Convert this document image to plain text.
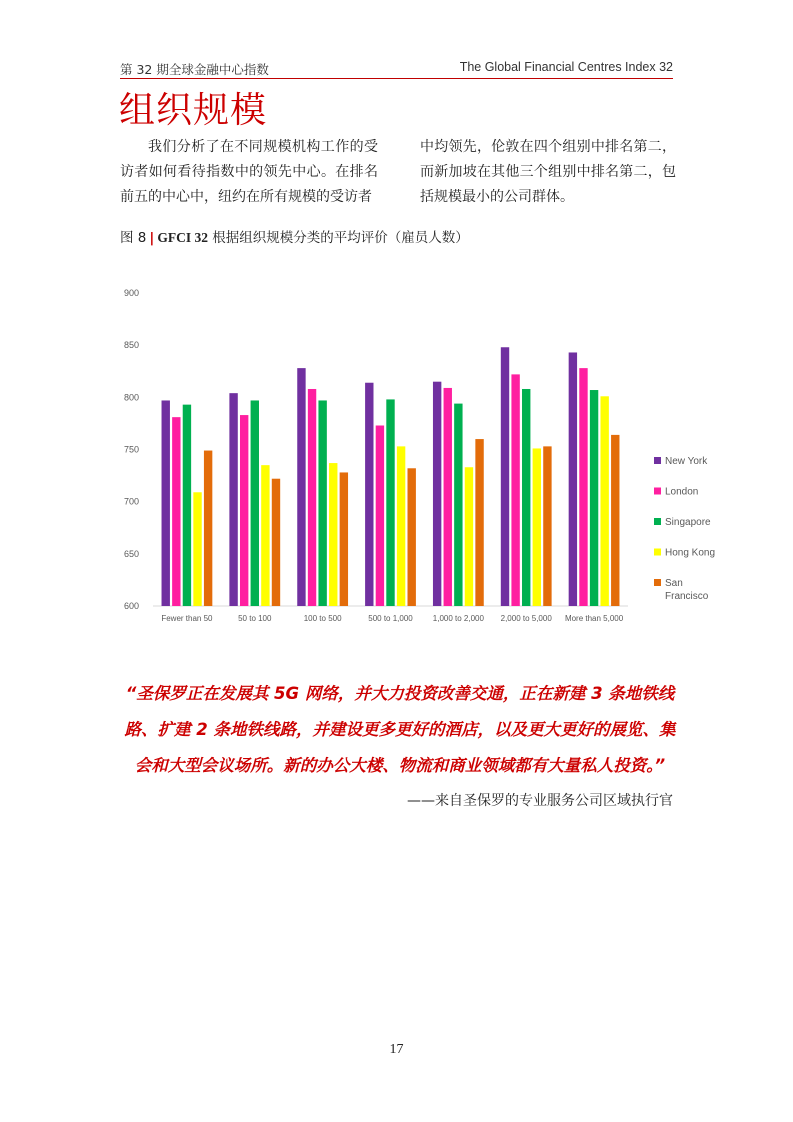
第 32 期全球金融中心指数	The Global Financial Centres Index 32
组织规模

我们分析了在不同规模机构工作的受访者如何看待指数中的领先中心。在排名前五的中心中，纽约在所有规模的受访者

中均领先，伦敦在四个组别中排名第二，而新加坡在其他三个组别中排名第二，包括规模最小的公司群体。

图 8 | GFCI 32 根据组织规模分类的平均评价（雇员人数）
600
650
700
750
800
850
900
Fewer than 50	50 to 100	100 to 500	500 to 1,000	1,000 to 2,000 2,000 to 5,000 More than 5,000
New York
London
Singapore
Hong Kong
San Francisco

“圣保罗正在发展其 5G 网络，并大力投资改善交通，正在新建 3 条地铁线路、扩建 2 条地铁线路，并建设更多更好的酒店，以及更大更好的展览、集会和大型会议场所。新的办公大楼、物流和商业领域都有大量私人投资。”

——来自圣保罗的专业服务公司区域执行官
17
